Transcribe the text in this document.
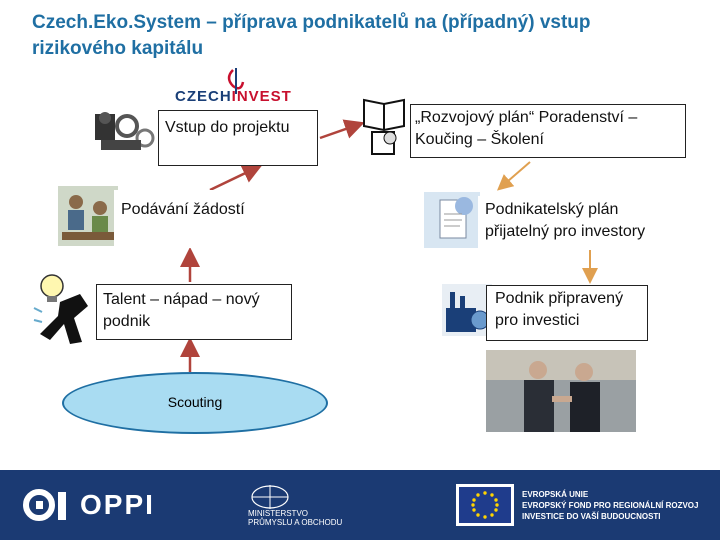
Czech.Eko.System – příprava podnikatelů na (případný) vstup rizikového kapitálu
CZECHINVEST
Vstup do projektu
Podávání žádostí
Talent – nápad – nový podnik
Scouting
„Rozvojový plán“ Poradenství – Koučing – Školení
Podnikatelský plán přijatelný pro investory
Podnik připravený pro investici
OPPI	MINISTERSTVO
PRŮMYSLU A OBCHODU
EVROPSKÁ UNIE
EVROPSKÝ FOND PRO REGIONÁLNÍ ROZVOJ
INVESTICE DO VAŠÍ BUDOUCNOSTI
